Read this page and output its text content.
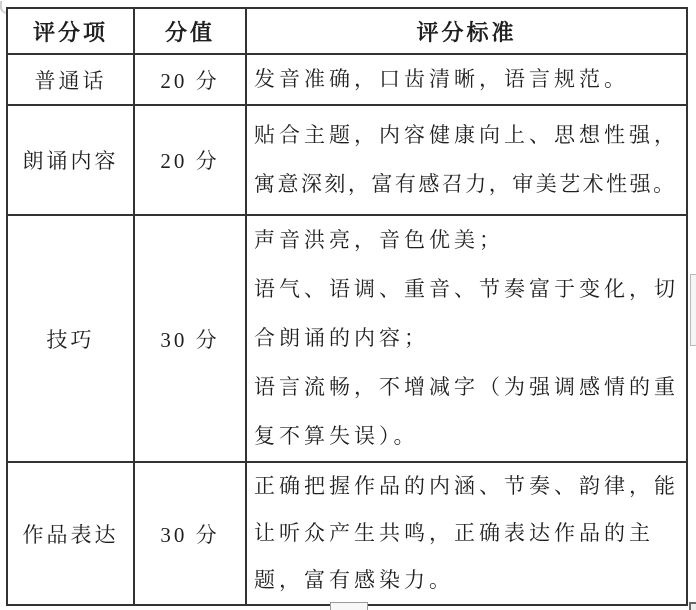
评分项	分值	评分标准
普通话	20 分	发音准确，口齿清晰，语言规范。

朗诵内容	20 分	贴合主题，内容健康向上、思想性强，
寓意深刻，富有感召力，审美艺术性强。

技巧	30 分	声音洪亮，音色优美；
语气、语调、重音、节奏富于变化，切
合朗诵的内容；
语言流畅，不增减字（为强调感情的重
复不算失误）。

作品表达	30 分	正确把握作品的内涵、节奏、韵律，能
让听众产生共鸣，正确表达作品的主
题，富有感染力。
